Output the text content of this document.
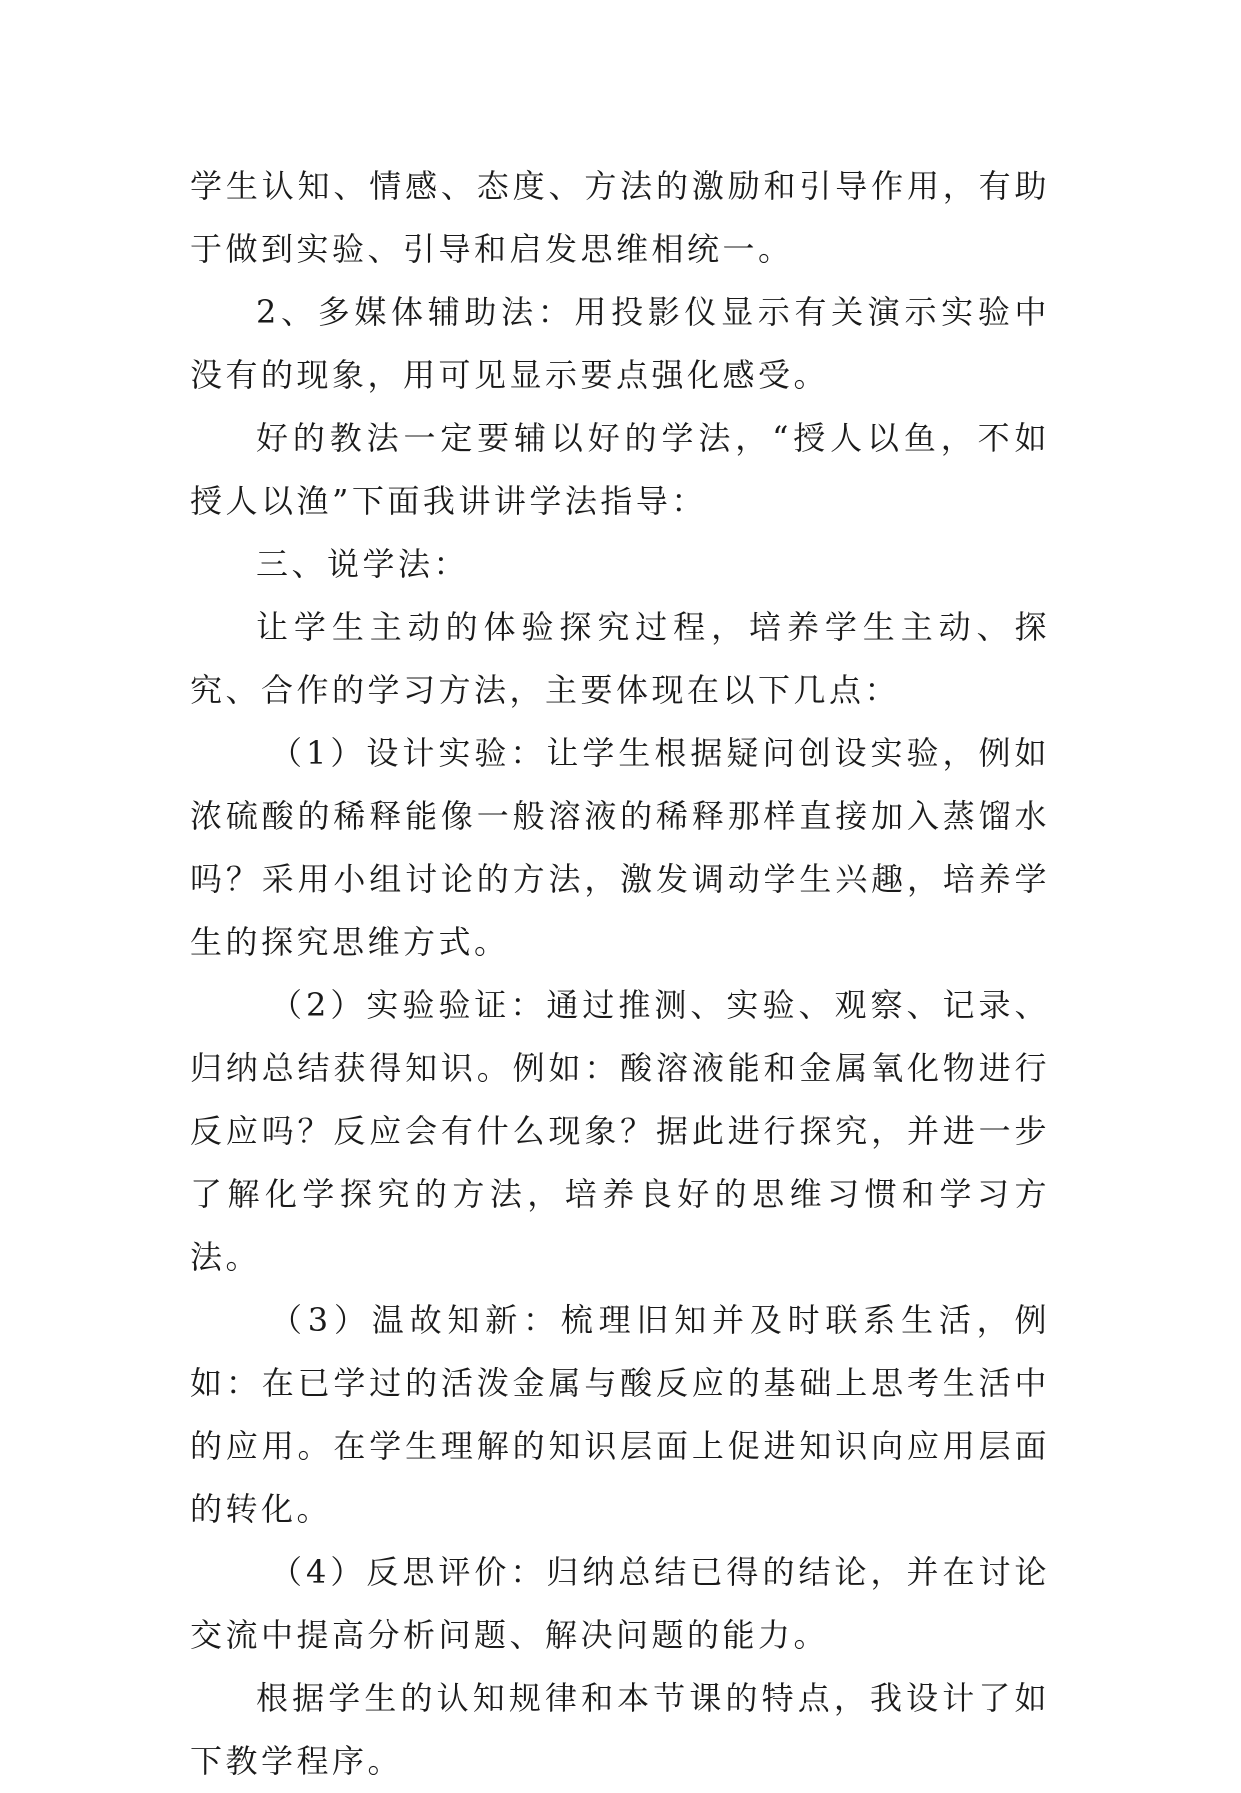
学生认知、情感、态度、方法的激励和引导作用，有助于做到实验、引导和启发思维相统一。

2、多媒体辅助法：用投影仪显示有关演示实验中没有的现象，用可见显示要点强化感受。

好的教法一定要辅以好的学法，“授人以鱼，不如授人以渔”下面我讲讲学法指导：

三、说学法：

让学生主动的体验探究过程，培养学生主动、探究、合作的学习方法，主要体现在以下几点：

（1）设计实验：让学生根据疑问创设实验，例如浓硫酸的稀释能像一般溶液的稀释那样直接加入蒸馏水吗？采用小组讨论的方法，激发调动学生兴趣，培养学生的探究思维方式。

（2）实验验证：通过推测、实验、观察、记录、归纳总结获得知识。例如：酸溶液能和金属氧化物进行反应吗？反应会有什么现象？据此进行探究，并进一步了解化学探究的方法，培养良好的思维习惯和学习方法。

（3）温故知新：梳理旧知并及时联系生活，例如：在已学过的活泼金属与酸反应的基础上思考生活中的应用。在学生理解的知识层面上促进知识向应用层面的转化。

（4）反思评价：归纳总结已得的结论，并在讨论交流中提高分析问题、解决问题的能力。

根据学生的认知规律和本节课的特点，我设计了如下教学程序。
